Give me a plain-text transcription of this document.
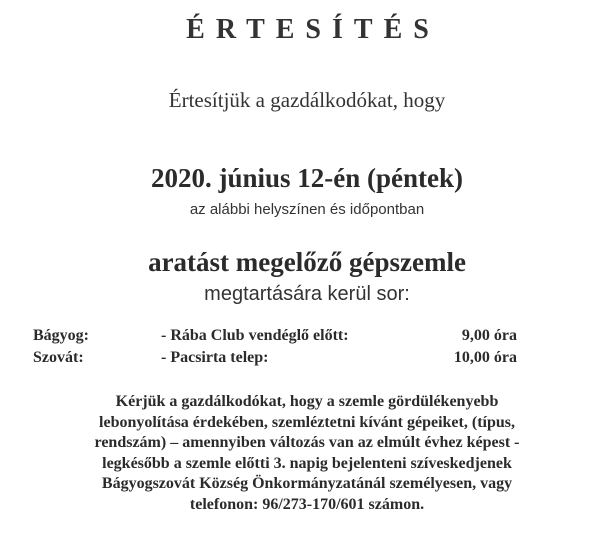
ÉRTESÍTÉS
Értesítjük a gazdálkodókat, hogy
2020. június 12-én (péntek)
az alábbi helyszínen és időpontban
aratást megelőző gépszemle
megtartására kerül sor:
Bágyog:	- Rába Club vendéglő előtt:	9,00 óra
Szovát:	- Pacsirta telep:	10,00 óra
Kérjük a gazdálkodókat, hogy a szemle gördülékenyebb
lebonyolítása érdekében, szemléztetni kívánt gépeiket, (típus,
rendszám) – amennyiben változás van az elmúlt évhez képest -
legkésőbb a szemle előtti 3. napig bejelenteni szíveskedjenek
Bágyogszovát Község Önkormányzatánál személyesen, vagy
telefonon: 96/273-170/601 számon.
